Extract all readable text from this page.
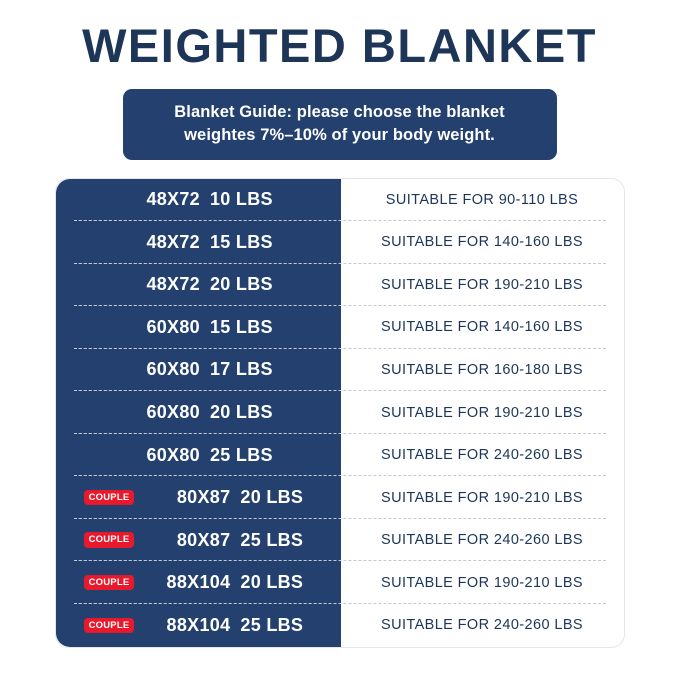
WEIGHTED BLANKET
Blanket Guide: please choose the blanket weightes 7%–10% of your body weight.
48X72 10 LBS	SUITABLE FOR 90-110 LBS
48X72 15 LBS	SUITABLE FOR 140-160 LBS
48X72 20 LBS	SUITABLE FOR 190-210 LBS
60X80 15 LBS	SUITABLE FOR 140-160 LBS
60X80 17 LBS	SUITABLE FOR 160-180 LBS
60X80 20 LBS	SUITABLE FOR 190-210 LBS
60X80 25 LBS	SUITABLE FOR 240-260 LBS
COUPLE	80X87 20 LBS	SUITABLE FOR 190-210 LBS
COUPLE	80X87 25 LBS	SUITABLE FOR 240-260 LBS
COUPLE	88X104 20 LBS	SUITABLE FOR 190-210 LBS
COUPLE	88X104 25 LBS	SUITABLE FOR 240-260 LBS
